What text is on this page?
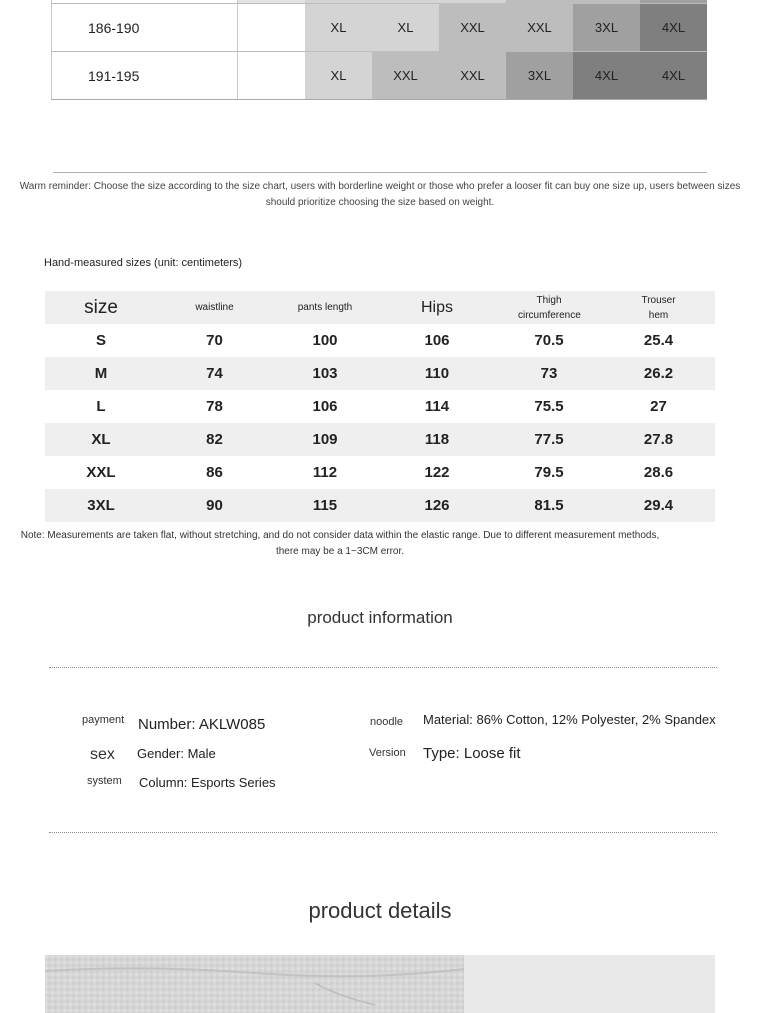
186-190		XL	XL	XXL	XXL	3XL	4XL
191-195		XL	XXL	XXL	3XL	4XL	4XL
Warm reminder: Choose the size according to the size chart, users with borderline weight or those who prefer a looser fit can buy one size up, users between sizes should prioritize choosing the size based on weight.
Hand-measured sizes (unit: centimeters)
size	waistline	pants length	Hips	Thigh circumference	Trouser hem

S	70	100	106	70.5	25.4
M	74	103	110	73	26.2
L	78	106	114	75.5	27
XL	82	109	118	77.5	27.8
XXL	86	112	122	79.5	28.6
3XL	90	115	126	81.5	29.4
Note: Measurements are taken flat, without stretching, and do not consider data within the elastic range. Due to different measurement methods, there may be a 1~3CM error.
product information
payment Number: AKLW085	noodle Material: 86% Cotton, 12% Polyester, 2% Spandex
sex Gender: Male	Version Type: Loose fit
system Column: Esports Series
product details
